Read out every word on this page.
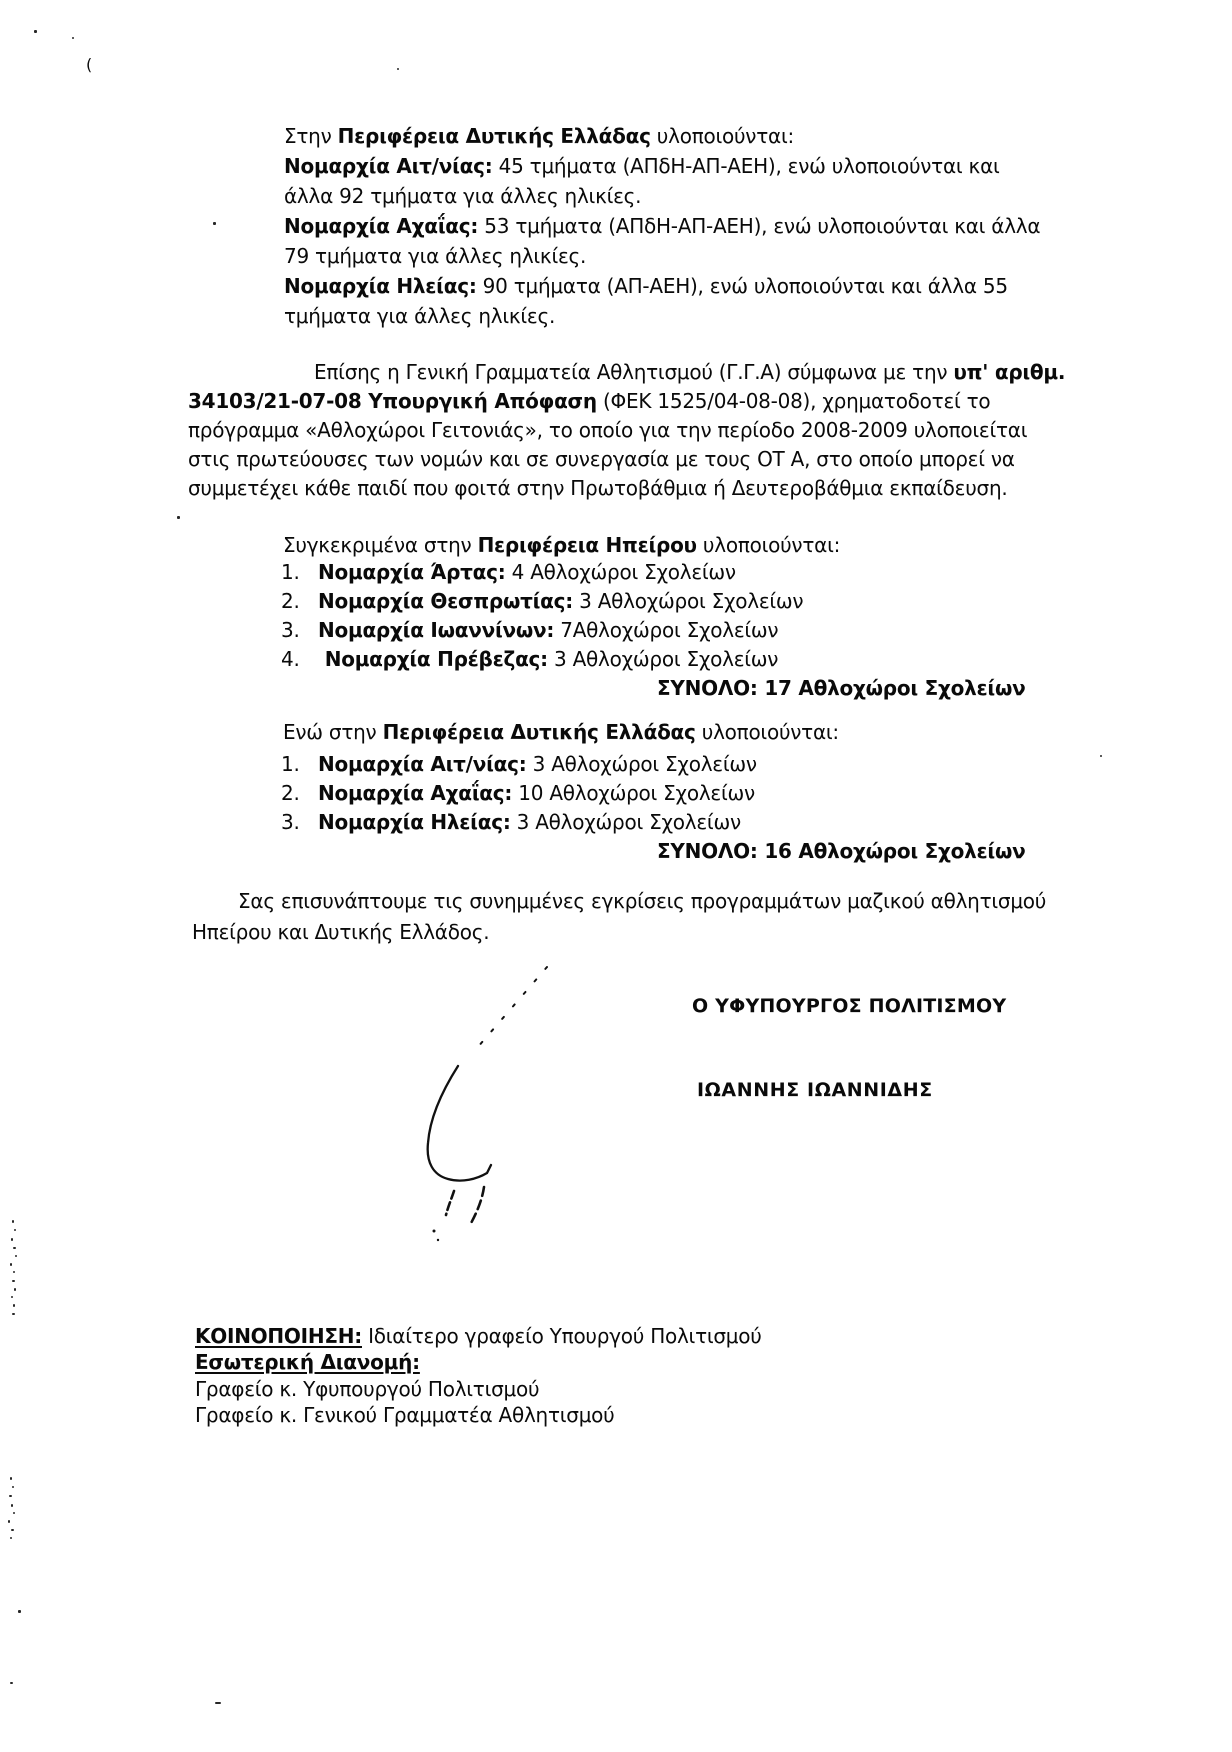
Στην Περιφέρεια Δυτικής Ελλάδας υλοποιούνται:
Νομαρχία Αιτ/νίας: 45 τμήματα (ΑΠδΗ-ΑΠ-ΑΕΗ), ενώ υλοποιούνται και
άλλα 92 τμήματα για άλλες ηλικίες.
Νομαρχία Αχαΐας: 53 τμήματα (ΑΠδΗ-ΑΠ-ΑΕΗ), ενώ υλοποιούνται και άλλα
79 τμήματα για άλλες ηλικίες.
Νομαρχία Ηλείας: 90 τμήματα (ΑΠ-ΑΕΗ), ενώ υλοποιούνται και άλλα 55
τμήματα για άλλες ηλικίες.
Επίσης η Γενική Γραμματεία Αθλητισμού (Γ.Γ.Α) σύμφωνα με την υπ' αριθμ.
34103/21-07-08 Υπουργική Απόφαση (ΦΕΚ 1525/04-08-08), χρηματοδοτεί το
πρόγραμμα «Αθλοχώροι Γειτονιάς», το οποίο για την περίοδο 2008-2009 υλοποιείται
στις πρωτεύουσες των νομών και σε συνεργασία με τους ΟΤ Α, στο οποίο μπορεί να
συμμετέχει κάθε παιδί που φοιτά στην Πρωτοβάθμια ή Δευτεροβάθμια εκπαίδευση.
Συγκεκριμένα στην Περιφέρεια Ηπείρου υλοποιούνται:
1. Νομαρχία Άρτας: 4 Αθλοχώροι Σχολείων
2. Νομαρχία Θεσπρωτίας: 3 Αθλοχώροι Σχολείων
3. Νομαρχία Ιωαννίνων: 7Αθλοχώροι Σχολείων
4. Νομαρχία Πρέβεζας: 3 Αθλοχώροι Σχολείων
ΣΥΝΟΛΟ: 17 Αθλοχώροι Σχολείων
Ενώ στην Περιφέρεια Δυτικής Ελλάδας υλοποιούνται:
1. Νομαρχία Αιτ/νίας: 3 Αθλοχώροι Σχολείων
2. Νομαρχία Αχαΐας: 10 Αθλοχώροι Σχολείων
3. Νομαρχία Ηλείας: 3 Αθλοχώροι Σχολείων
ΣΥΝΟΛΟ: 16 Αθλοχώροι Σχολείων
Σας επισυνάπτουμε τις συνημμένες εγκρίσεις προγραμμάτων μαζικού αθλητισμού
Ηπείρου και Δυτικής Ελλάδος.
Ο ΥΦΥΠΟΥΡΓΟΣ ΠΟΛΙΤΙΣΜΟΥ
ΙΩΑΝΝΗΣ ΙΩΑΝΝΙΔΗΣ
ΚΟΙΝΟΠΟΙΗΣΗ: Ιδιαίτερο γραφείο Υπουργού Πολιτισμού
Εσωτερική Διανομή:
Γραφείο κ. Υφυπουργού Πολιτισμού
Γραφείο κ. Γενικού Γραμματέα Αθλητισμού
(
